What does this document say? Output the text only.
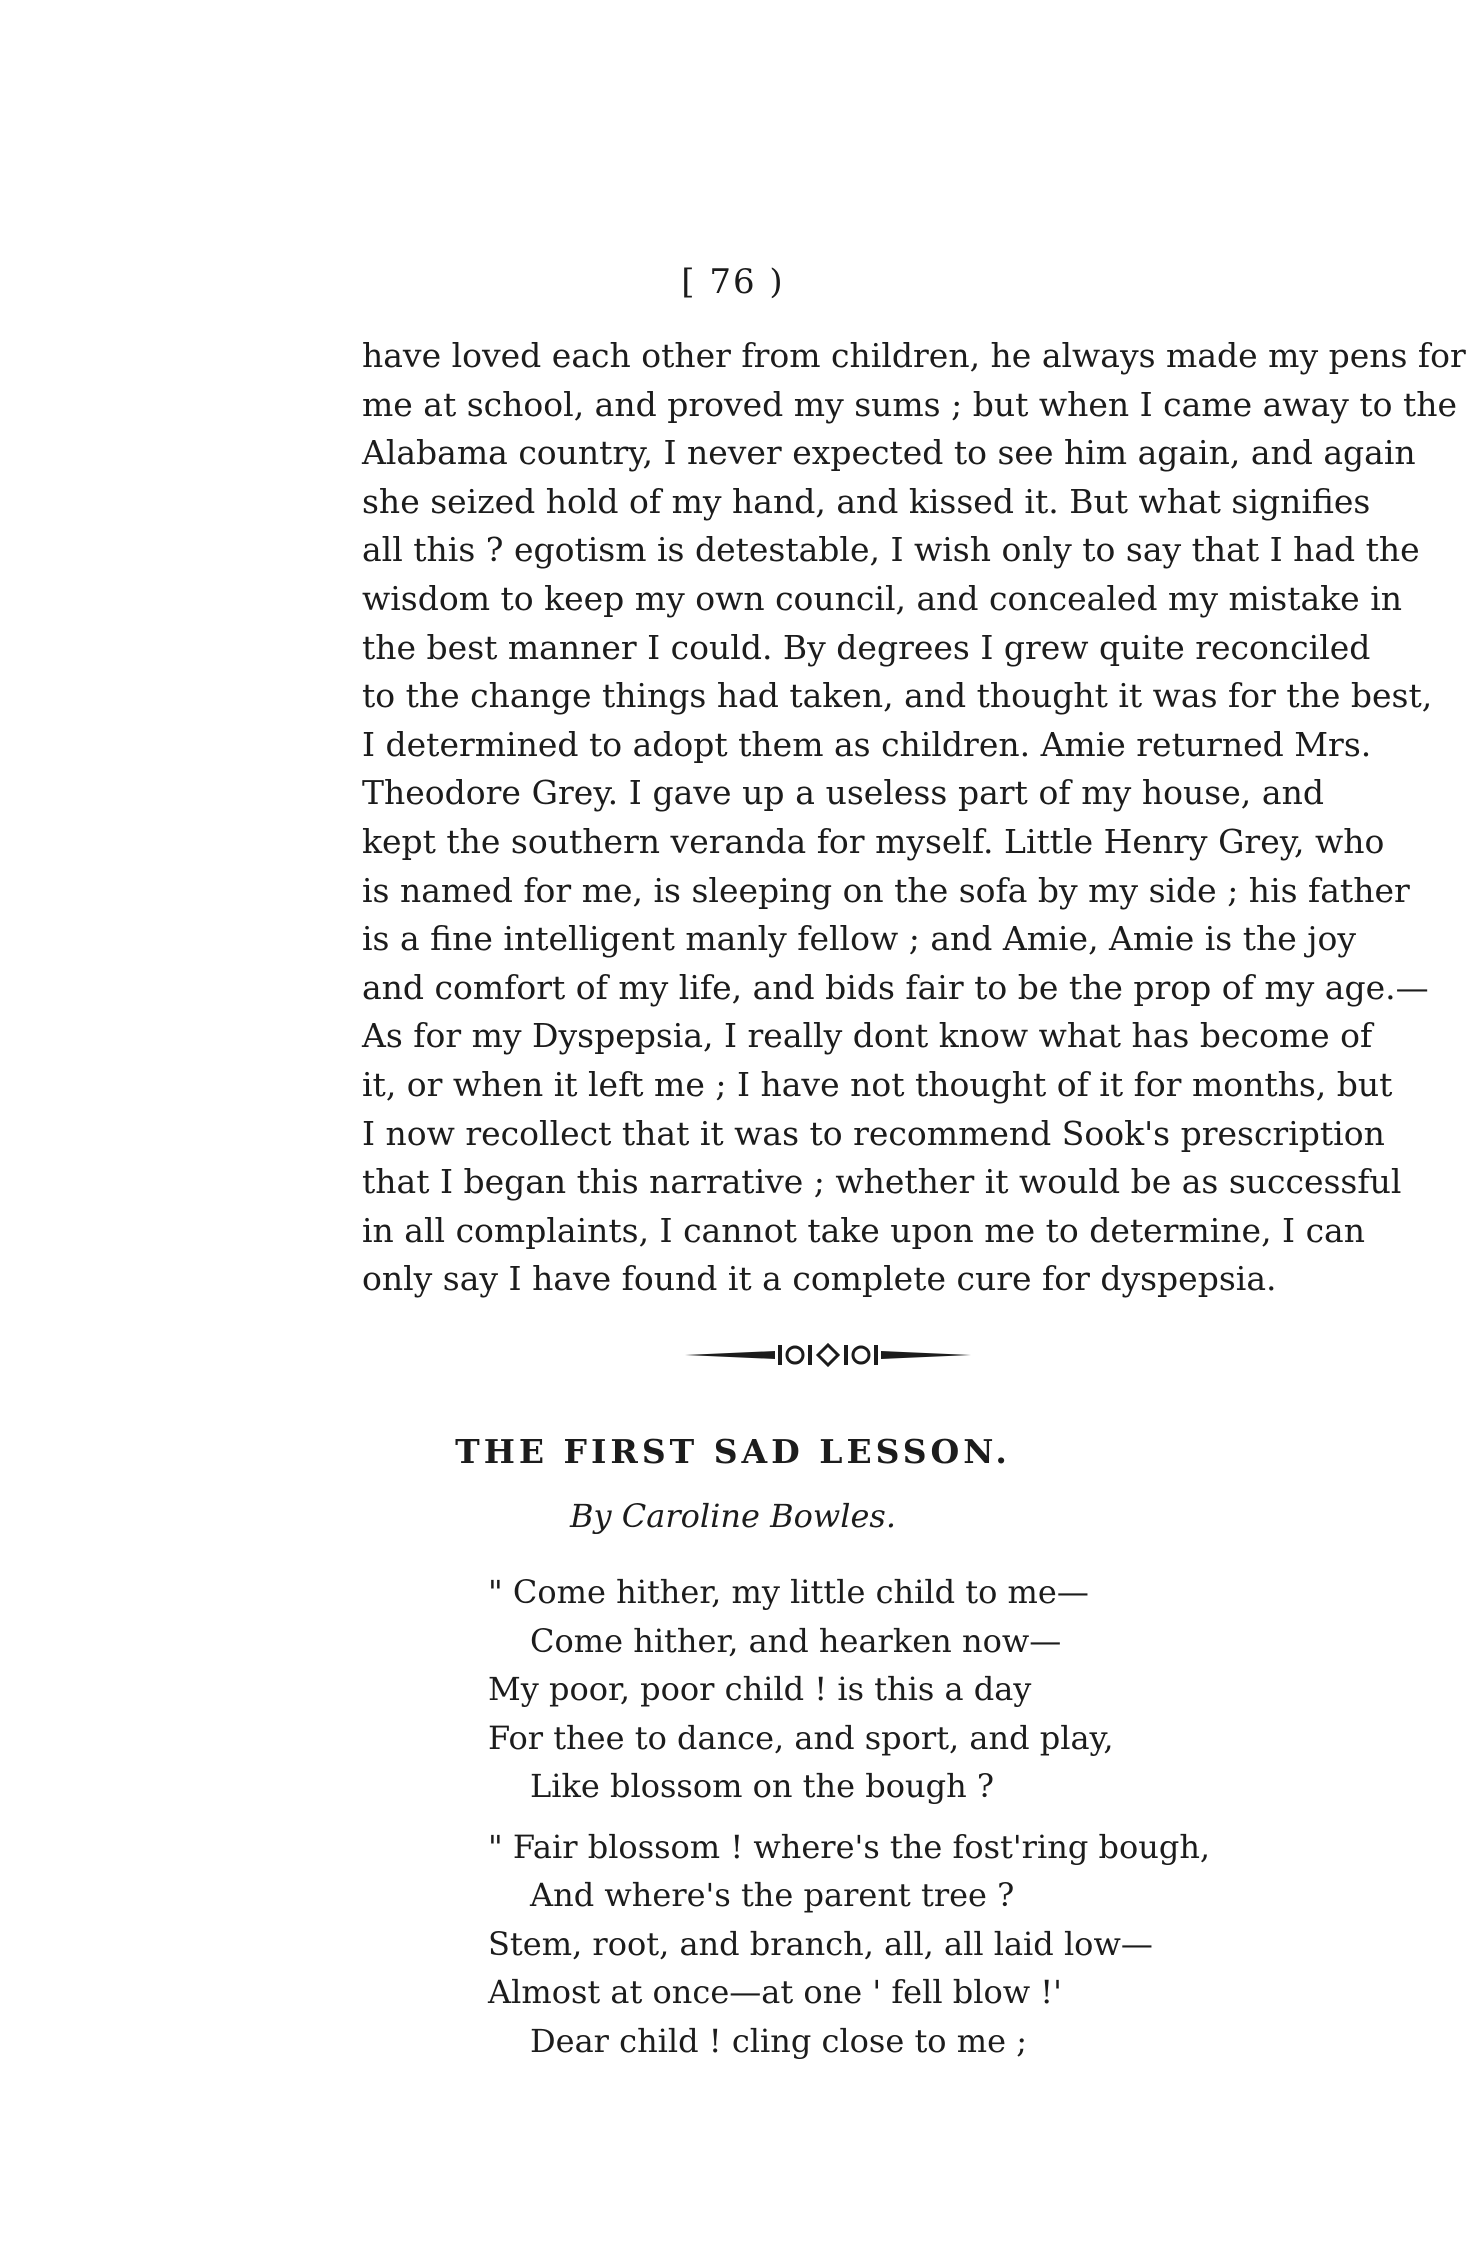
[ 76 )
have loved each other from children, he always made my pens for
me at school, and proved my sums ; but when I came away to the
Alabama country, I never expected to see him again, and again
she seized hold of my hand, and kissed it. But what signifies
all this ? egotism is detestable, I wish only to say that I had the
wisdom to keep my own council, and concealed my mistake in
the best manner I could. By degrees I grew quite reconciled
to the change things had taken, and thought it was for the best,
I determined to adopt them as children. Amie returned Mrs.
Theodore Grey. I gave up a useless part of my house, and
kept the southern veranda for myself. Little Henry Grey, who
is named for me, is sleeping on the sofa by my side ; his father
is a fine intelligent manly fellow ; and Amie, Amie is the joy
and comfort of my life, and bids fair to be the prop of my age.—
As for my Dyspepsia, I really dont know what has become of
it, or when it left me ; I have not thought of it for months, but
I now recollect that it was to recommend Sook's prescription
that I began this narrative ; whether it would be as successful
in all complaints, I cannot take upon me to determine, I can
only say I have found it a complete cure for dyspepsia.
THE FIRST SAD LESSON.
By Caroline Bowles.
" Come hither, my little child to me—
Come hither, and hearken now—
My poor, poor child ! is this a day
For thee to dance, and sport, and play,
Like blossom on the bough ?
" Fair blossom ! where's the fost'ring bough,
And where's the parent tree ?
Stem, root, and branch, all, all laid low—
Almost at once—at one ' fell blow !'
Dear child ! cling close to me ;
